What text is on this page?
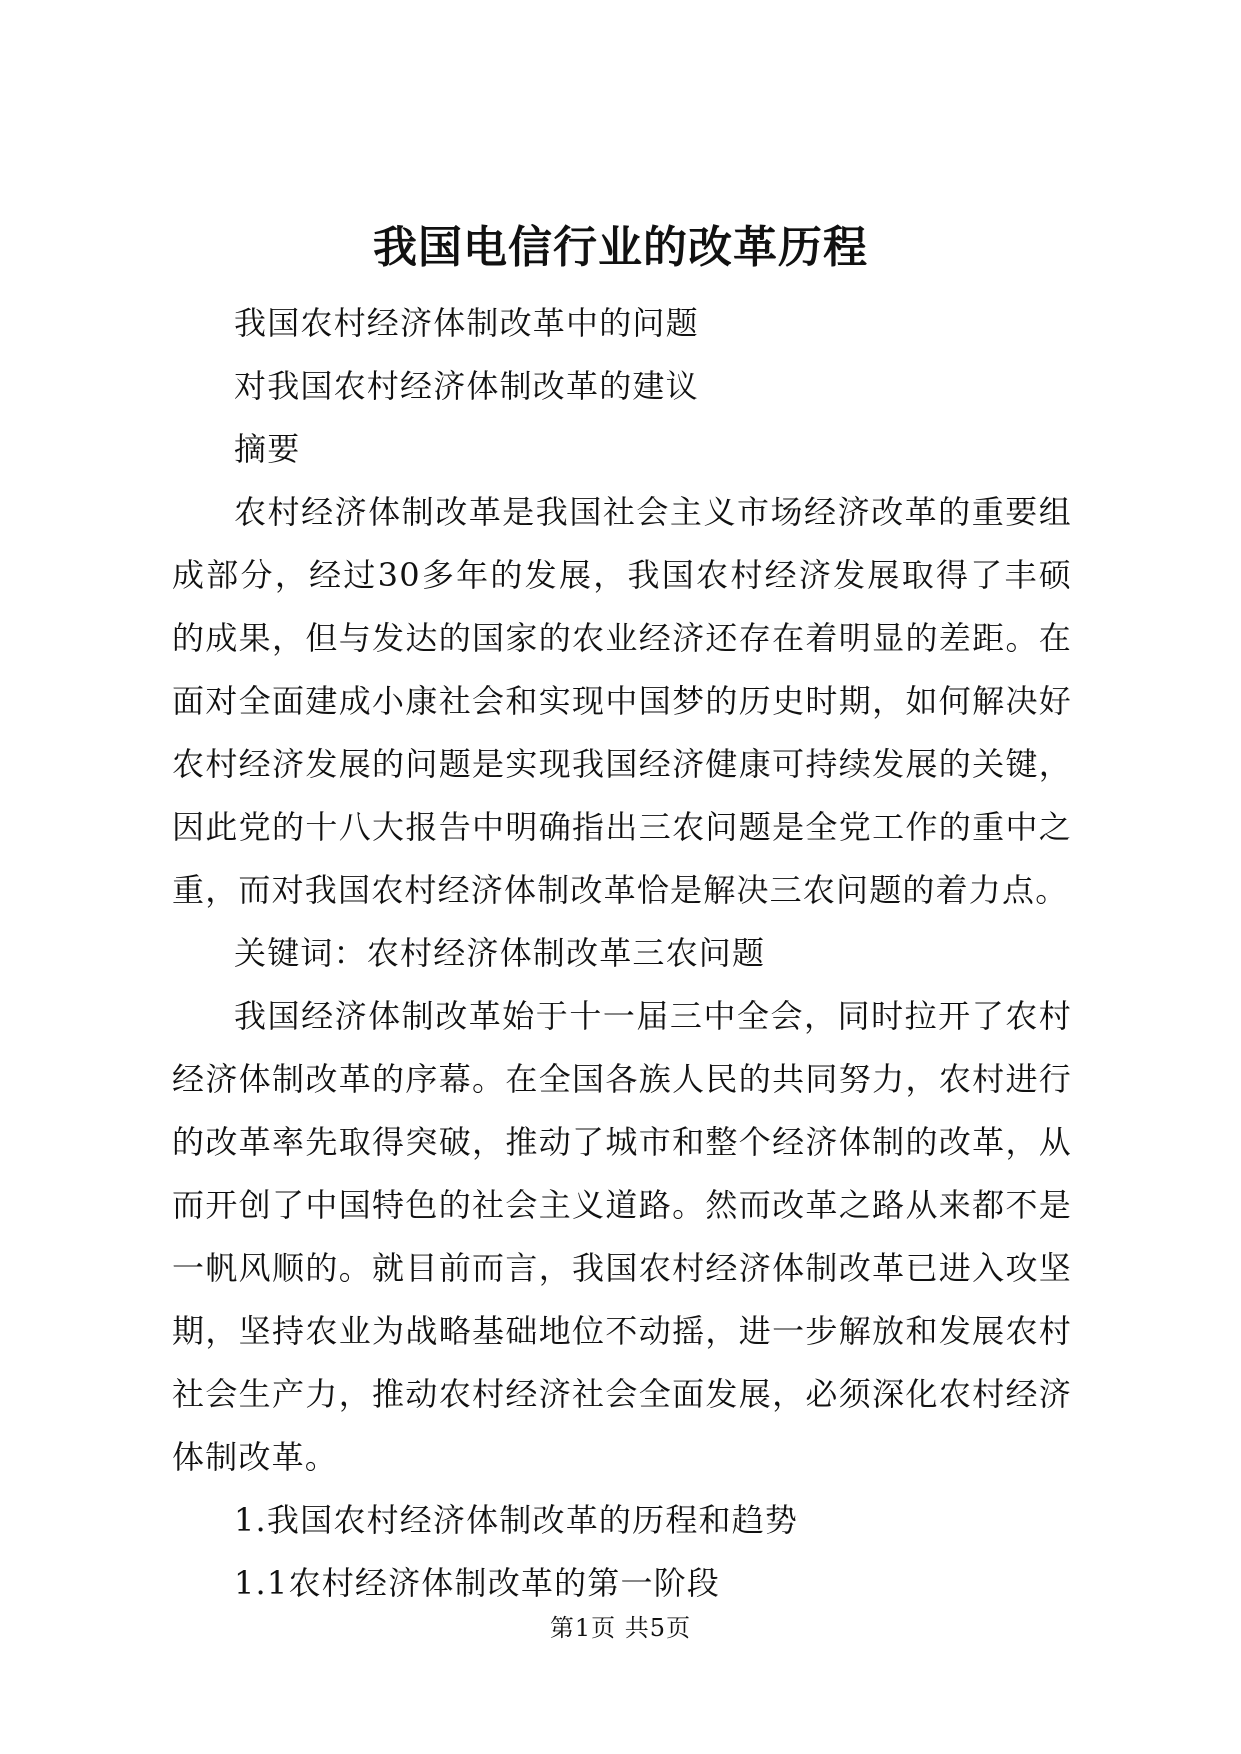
我国电信行业的改革历程

我国农村经济体制改革中的问题

对我国农村经济体制改革的建议

摘要

农村经济体制改革是我国社会主义市场经济改革的重要组成部分，经过30多年的发展，我国农村经济发展取得了丰硕的成果，但与发达的国家的农业经济还存在着明显的差距。在面对全面建成小康社会和实现中国梦的历史时期，如何解决好农村经济发展的问题是实现我国经济健康可持续发展的关键，因此党的十八大报告中明确指出三农问题是全党工作的重中之重，而对我国农村经济体制改革恰是解决三农问题的着力点。

关键词：农村经济体制改革三农问题

我国经济体制改革始于十一届三中全会，同时拉开了农村经济体制改革的序幕。在全国各族人民的共同努力，农村进行的改革率先取得突破，推动了城市和整个经济体制的改革，从而开创了中国特色的社会主义道路。然而改革之路从来都不是一帆风顺的。就目前而言，我国农村经济体制改革已进入攻坚期，坚持农业为战略基础地位不动摇，进一步解放和发展农村社会生产力，推动农村经济社会全面发展，必须深化农村经济体制改革。

1.我国农村经济体制改革的历程和趋势

1.1农村经济体制改革的第一阶段

第1页 共5页
